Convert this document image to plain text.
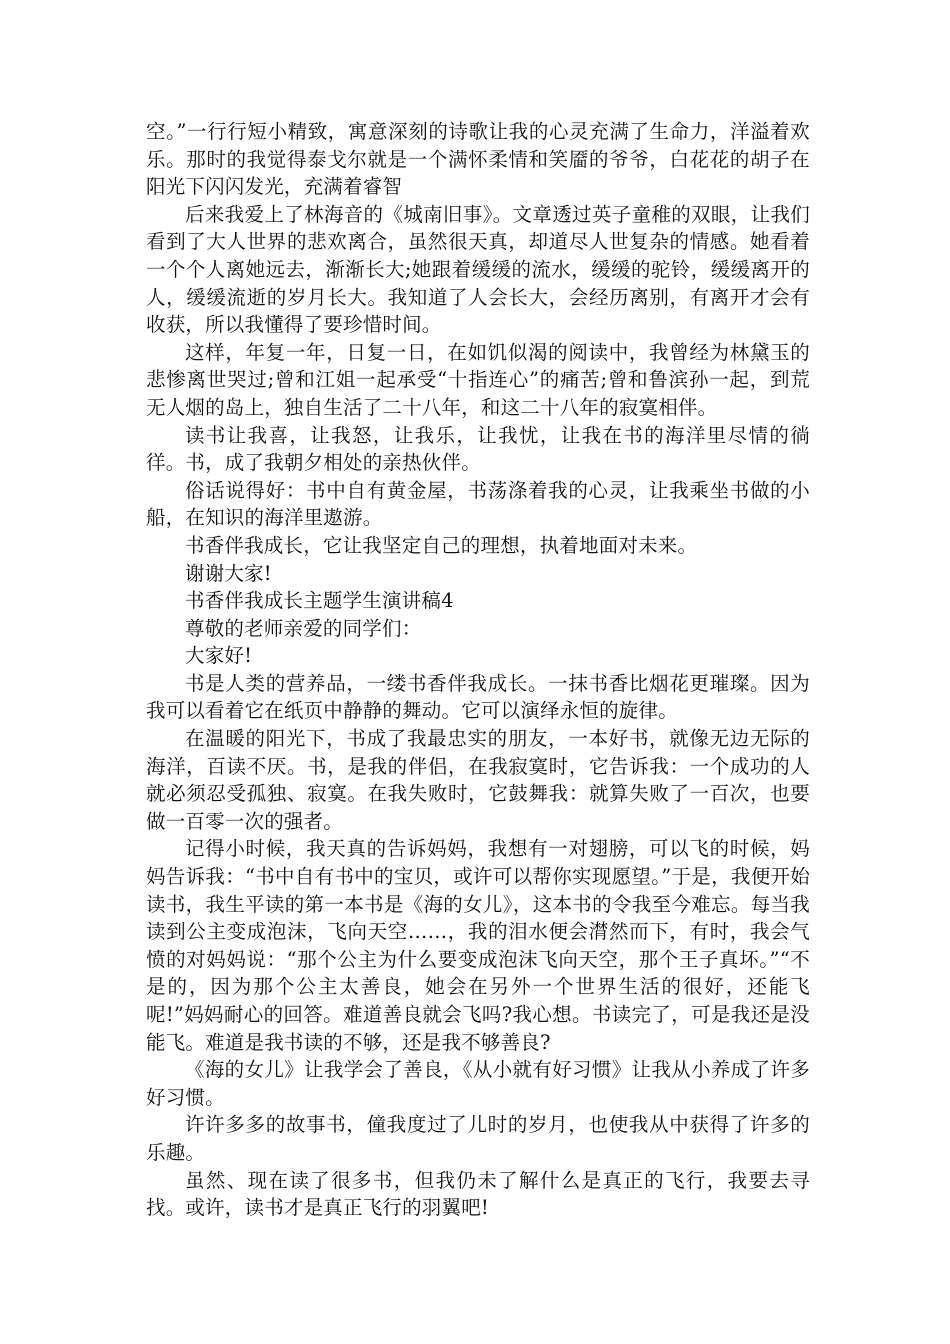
空。”一行行短小精致，寓意深刻的诗歌让我的心灵充满了生命力，洋溢着欢乐。那时的我觉得泰戈尔就是一个满怀柔情和笑靥的爷爷，白花花的胡子在阳光下闪闪发光，充满着睿智

后来我爱上了林海音的《城南旧事》。文章透过英子童稚的双眼，让我们看到了大人世界的悲欢离合，虽然很天真，却道尽人世复杂的情感。她看着一个个人离她远去，渐渐长大;她跟着缓缓的流水，缓缓的驼铃，缓缓离开的人，缓缓流逝的岁月长大。我知道了人会长大，会经历离别，有离开才会有收获，所以我懂得了要珍惜时间。

这样，年复一年，日复一日，在如饥似渴的阅读中，我曾经为林黛玉的悲惨离世哭过;曾和江姐一起承受“十指连心”的痛苦;曾和鲁滨孙一起，到荒无人烟的岛上，独自生活了二十八年，和这二十八年的寂寞相伴。

读书让我喜，让我怒，让我乐，让我忧，让我在书的海洋里尽情的徜徉。书，成了我朝夕相处的亲热伙伴。

俗话说得好：书中自有黄金屋，书荡涤着我的心灵，让我乘坐书做的小船，在知识的海洋里遨游。

书香伴我成长，它让我坚定自己的理想，执着地面对未来。

谢谢大家!

书香伴我成长主题学生演讲稿4

尊敬的老师亲爱的同学们：

大家好!

书是人类的营养品，一缕书香伴我成长。一抹书香比烟花更璀璨。因为我可以看着它在纸页中静静的舞动。它可以演绎永恒的旋律。

在温暖的阳光下，书成了我最忠实的朋友，一本好书，就像无边无际的海洋，百读不厌。书，是我的伴侣，在我寂寞时，它告诉我：一个成功的人就必须忍受孤独、寂寞。在我失败时，它鼓舞我：就算失败了一百次，也要做一百零一次的强者。

记得小时候，我天真的告诉妈妈，我想有一对翅膀，可以飞的时候，妈妈告诉我：“书中自有书中的宝贝，或许可以帮你实现愿望。”于是，我便开始读书，我生平读的第一本书是《海的女儿》，这本书的令我至今难忘。每当我读到公主变成泡沫，飞向天空……，我的泪水便会潸然而下，有时，我会气愤的对妈妈说：“那个公主为什么要变成泡沫飞向天空，那个王子真坏。”“不是的，因为那个公主太善良，她会在另外一个世界生活的很好，还能飞呢!”妈妈耐心的回答。难道善良就会飞吗?我心想。书读完了，可是我还是没能飞。难道是我书读的不够，还是我不够善良?

《海的女儿》让我学会了善良，《从小就有好习惯》让我从小养成了许多好习惯。

许许多多的故事书，僮我度过了儿时的岁月，也使我从中获得了许多的乐趣。

虽然、现在读了很多书，但我仍未了解什么是真正的飞行，我要去寻找。或许，读书才是真正飞行的羽翼吧!
